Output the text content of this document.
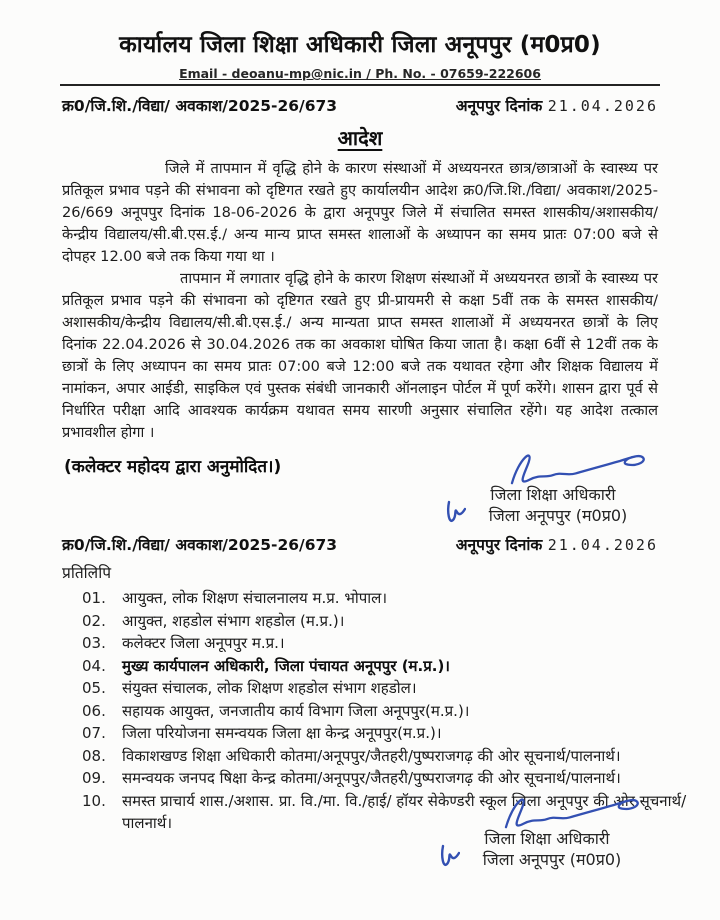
कार्यालय जिला शिक्षा अधिकारी जिला अनूपपुर (म0प्र0)
Email - deoanu-mp@nic.in / Ph. No. - 07659-222606
क्र0/जि.शि./विद्या/ अवकाश/2025-26/673	अनूपपुर दिनांक 21.04.2026
आदेश
जिले में तापमान में वृद्धि होने के कारण संस्थाओं में अध्ययनरत छात्र/छात्राओं के स्वास्थ्य पर प्रतिकूल प्रभाव पड़ने की संभावना को दृष्टिगत रखते हुए कार्यालयीन आदेश क्र0/जि.शि./विद्या/ अवकाश/2025-26/669 अनूपपुर दिनांक 18-06-2026 के द्वारा अनूपपुर जिले में संचालित समस्त शासकीय/अशासकीय/केन्द्रीय विद्यालय/सी.बी.एस.ई./ अन्य मान्य प्राप्त समस्त शालाओं के अध्यापन का समय प्रातः 07:00 बजे से दोपहर 12.00 बजे तक किया गया था ।
तापमान में लगातार वृद्धि होने के कारण शिक्षण संस्थाओं में अध्ययनरत छात्रों के स्वास्थ्य पर प्रतिकूल प्रभाव पड़ने की संभावना को दृष्टिगत रखते हुए प्री-प्रायमरी से कक्षा 5वीं तक के समस्त शासकीय/अशासकीय/केन्द्रीय विद्यालय/सी.बी.एस.ई./ अन्य मान्यता प्राप्त समस्त शालाओं में अध्ययनरत छात्रों के लिए दिनांक 22.04.2026 से 30.04.2026 तक का अवकाश घोषित किया जाता है। कक्षा 6वीं से 12वीं तक के छात्रों के लिए अध्यापन का समय प्रातः 07:00 बजे 12:00 बजे तक यथावत रहेगा और शिक्षक विद्यालय में नामांकन, अपार आईडी, साइकिल एवं पुस्तक संबंधी जानकारी ऑनलाइन पोर्टल में पूर्ण करेंगे। शासन द्वारा पूर्व से निर्धारित परीक्षा आदि आवश्यक कार्यक्रम यथावत समय सारणी अनुसार संचालित रहेंगे। यह आदेश तत्काल प्रभावशील होगा ।
(कलेक्टर महोदय द्वारा अनुमोदित।)
जिला शिक्षा अधिकारी
जिला अनूपपुर (म0प्र0)
क्र0/जि.शि./विद्या/ अवकाश/2025-26/673	अनूपपुर दिनांक 21.04.2026
प्रतिलिपि
01.	आयुक्त, लोक शिक्षण संचालनालय म.प्र. भोपाल।
02.	आयुक्त, शहडोल संभाग शहडोल (म.प्र.)।
03.	कलेक्टर जिला अनूपपुर म.प्र.।
04.	मुख्य कार्यपालन अधिकारी, जिला पंचायत अनूपपुर (म.प्र.)।
05.	संयुक्त संचालक, लोक शिक्षण शहडोल संभाग शहडोल।
06.	सहायक आयुक्त, जनजातीय कार्य विभाग जिला अनूपपुर(म.प्र.)।
07.	जिला परियोजना समन्वयक जिला क्षा केन्द्र अनूपपुर(म.प्र.)।
08.	विकाशखण्ड शिक्षा अधिकारी कोतमा/अनूपपुर/जैतहरी/पुष्पराजगढ़ की ओर सूचनार्थ/पालनार्थ।
09.	समन्वयक जनपद षिक्षा केन्द्र कोतमा/अनूपपुर/जैतहरी/पुष्पराजगढ़ की ओर सूचनार्थ/पालनार्थ।
10.	समस्त प्राचार्य शास./अशास. प्रा. वि./मा. वि./हाई/ हॉयर सेकेण्डरी स्कूल जिला अनूपपुर की ओर सूचनार्थ/ पालनार्थ।
जिला शिक्षा अधिकारी
जिला अनूपपुर (म0प्र0)
